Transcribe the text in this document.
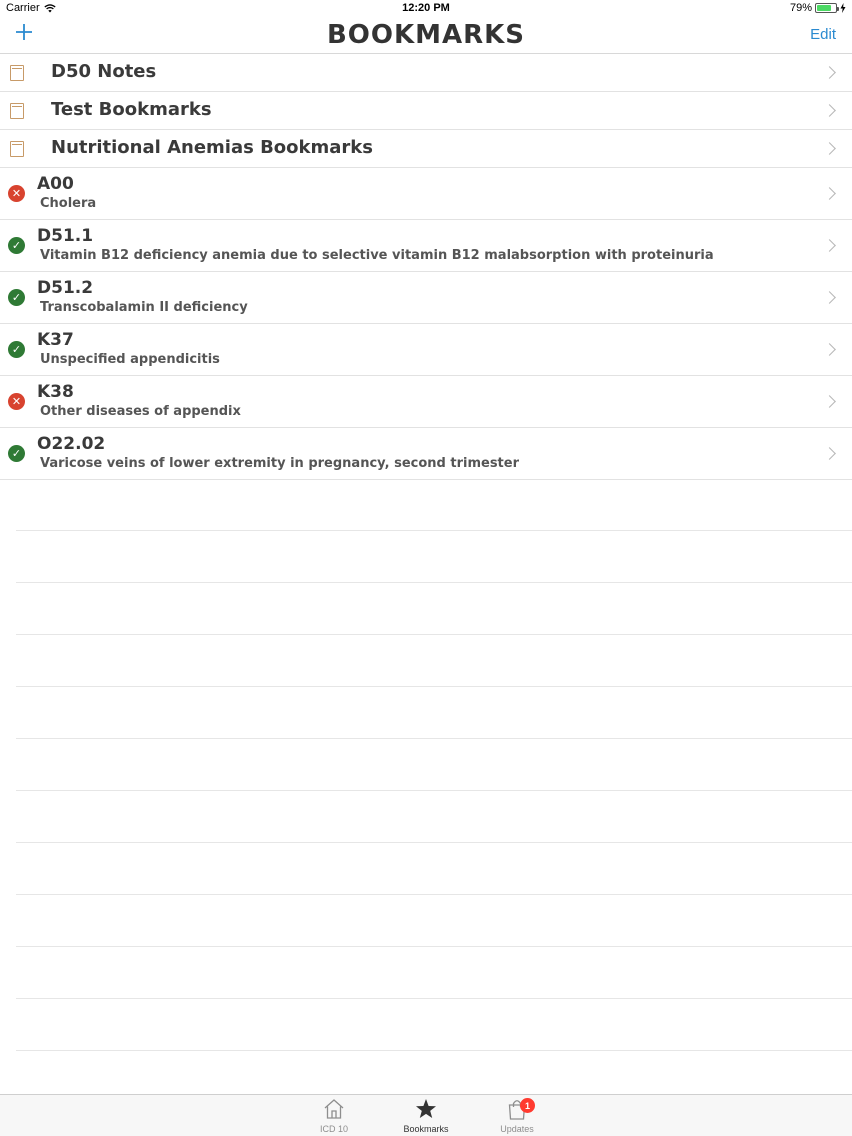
Carrier	12:20 PM	79%
BOOKMARKS	Edit
D50 Notes
Test Bookmarks
Nutritional Anemias Bookmarks
✕ A00
Cholera
✓ D51.1
Vitamin B12 deficiency anemia due to selective vitamin B12 malabsorption with proteinuria
✓ D51.2
Transcobalamin II deficiency
✓ K37
Unspecified appendicitis
✕ K38
Other diseases of appendix
✓ O22.02
Varicose veins of lower extremity in pregnancy, second trimester
ICD 10	Bookmarks	Updates
1
